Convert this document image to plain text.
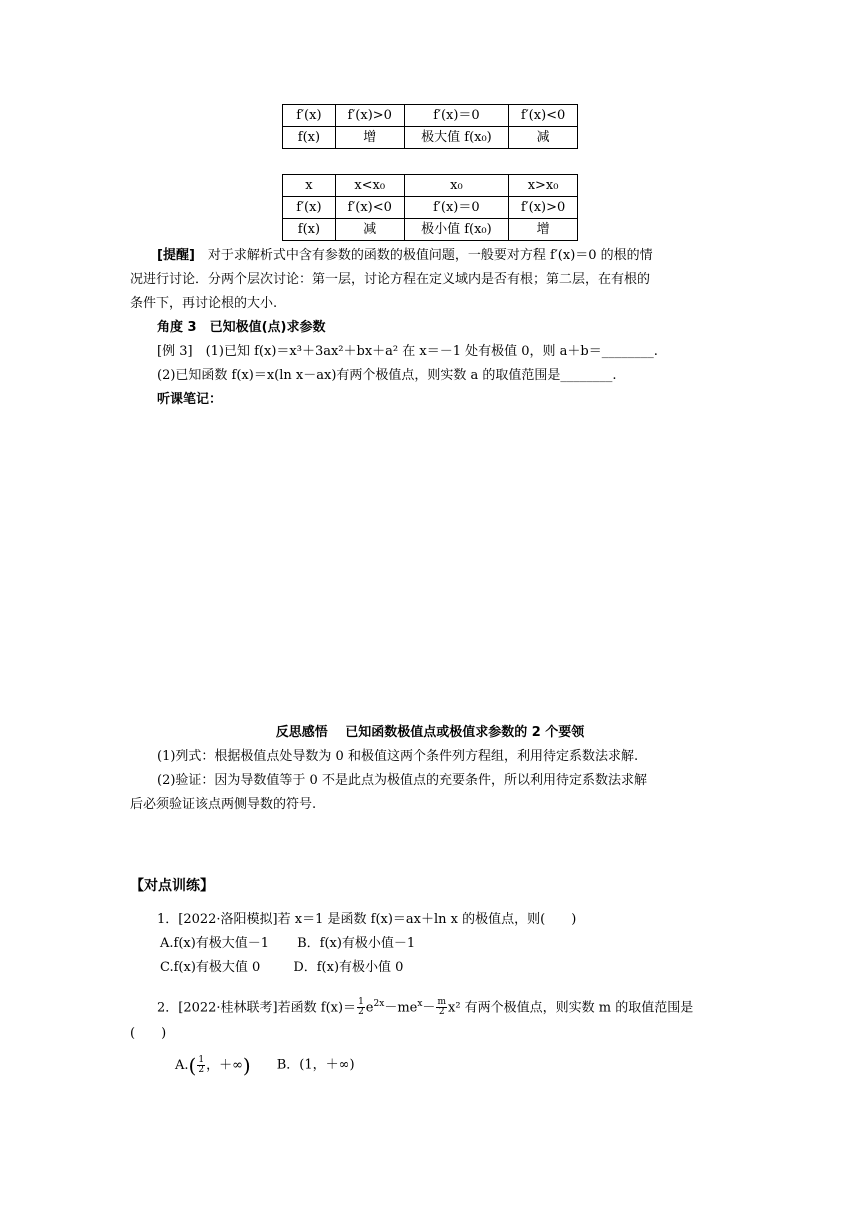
f′(x)	f′(x)>0	f′(x)＝0	f′(x)<0
f(x)	增	极大值 f(x₀)	减
x	x<x₀	x₀	x>x₀
f′(x)	f′(x)<0	f′(x)＝0	f′(x)>0
f(x)	减	极小值 f(x₀)	增
[提醒]　对于求解析式中含有参数的函数的极值问题，一般要对方程 f′(x)＝0 的根的情
况进行讨论．分两个层次讨论：第一层，讨论方程在定义域内是否有根；第二层，在有根的
条件下，再讨论根的大小.
角度 3　已知极值(点)求参数
[例 3]　(1)已知 f(x)＝x³＋3ax²＋bx＋a² 在 x＝－1 处有极值 0，则 a＋b＝________.
(2)已知函数 f(x)＝x(ln x－ax)有两个极值点，则实数 a 的取值范围是________.
听课笔记：
反思感悟　 已知函数极值点或极值求参数的 2 个要领
(1)列式：根据极值点处导数为 0 和极值这两个条件列方程组，利用待定系数法求解.
(2)验证：因为导数值等于 0 不是此点为极值点的充要条件，所以利用待定系数法求解
后必须验证该点两侧导数的符号.
【对点训练】
1．[2022·洛阳模拟]若 x＝1 是函数 f(x)＝ax＋ln x 的极值点，则(　　)
A.f(x)有极大值－1 B．f(x)有极小值－1
C.f(x)有极大值 0	D．f(x)有极小值 0
2．[2022·桂林联考]若函数 $f(x)= \frac{1}{2} e^{2x}-me^x- \frac{m}{2} x^2$ 有两个极值点，则实数 m 的取值范围是
(　　)
$A.( \frac{1}{2}$ ，＋∞) B．(1，＋∞)
